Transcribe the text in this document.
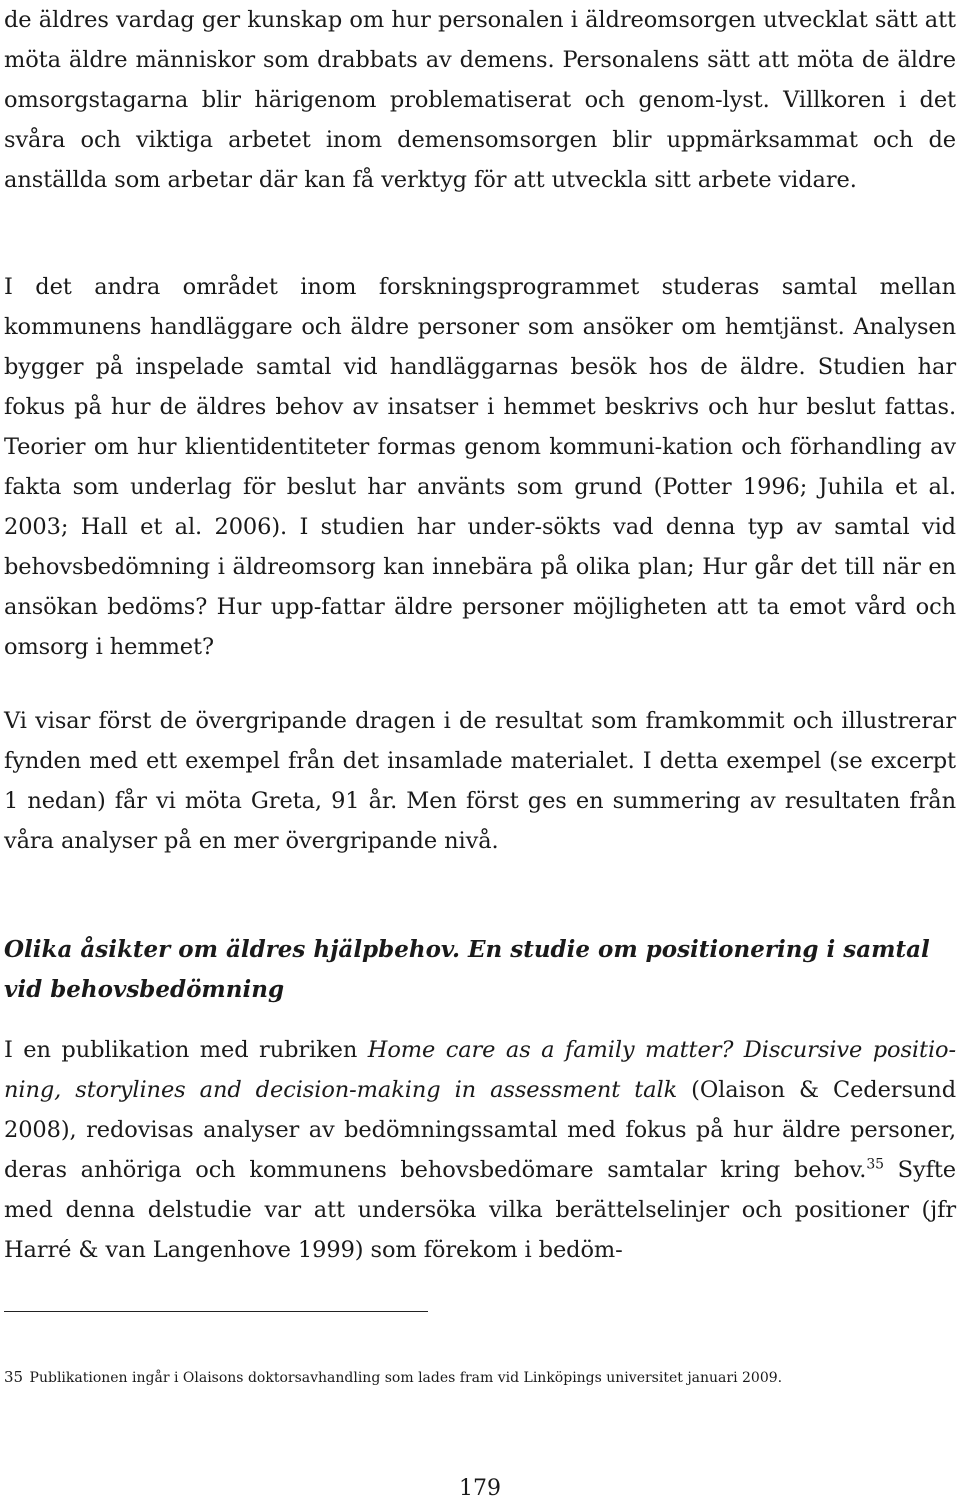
de äldres vardag ger kunskap om hur personalen i äldreomsorgen utvecklat sätt att möta äldre människor som drabbats av demens. Personalens sätt att möta de äldre omsorgstagarna blir härigenom problematiserat och genom-lyst. Villkoren i det svåra och viktiga arbetet inom demensomsorgen blir uppmärksammat och de anställda som arbetar där kan få verktyg för att utveckla sitt arbete vidare.

I det andra området inom forskningsprogrammet studeras samtal mellan kommunens handläggare och äldre personer som ansöker om hemtjänst. Analysen bygger på inspelade samtal vid handläggarnas besök hos de äldre. Studien har fokus på hur de äldres behov av insatser i hemmet beskrivs och hur beslut fattas. Teorier om hur klientidentiteter formas genom kommuni-kation och förhandling av fakta som underlag för beslut har använts som grund (Potter 1996; Juhila et al. 2003; Hall et al. 2006). I studien har under-sökts vad denna typ av samtal vid behovsbedömning i äldreomsorg kan innebära på olika plan; Hur går det till när en ansökan bedöms? Hur upp-fattar äldre personer möjligheten att ta emot vård och omsorg i hemmet?

Vi visar först de övergripande dragen i de resultat som framkommit och illustrerar fynden med ett exempel från det insamlade materialet. I detta exempel (se excerpt 1 nedan) får vi möta Greta, 91 år. Men först ges en summering av resultaten från våra analyser på en mer övergripande nivå.

Olika åsikter om äldres hjälpbehov. En studie om positionering i samtal vid behovsbedömning

I en publikation med rubriken Home care as a family matter? Discursive positio-ning, storylines and decision-making in assessment talk (Olaison & Cedersund 2008), redovisas analyser av bedömningssamtal med fokus på hur äldre personer, deras anhöriga och kommunens behovsbedömare samtalar kring behov.$^{35}$ Syfte med denna delstudie var att undersöka vilka berättelselinjer och positioner (jfr Harré & van Langenhove 1999) som förekom i bedöm-

35 Publikationen ingår i Olaisons doktorsavhandling som lades fram vid Linköpings universitet januari 2009.

179
